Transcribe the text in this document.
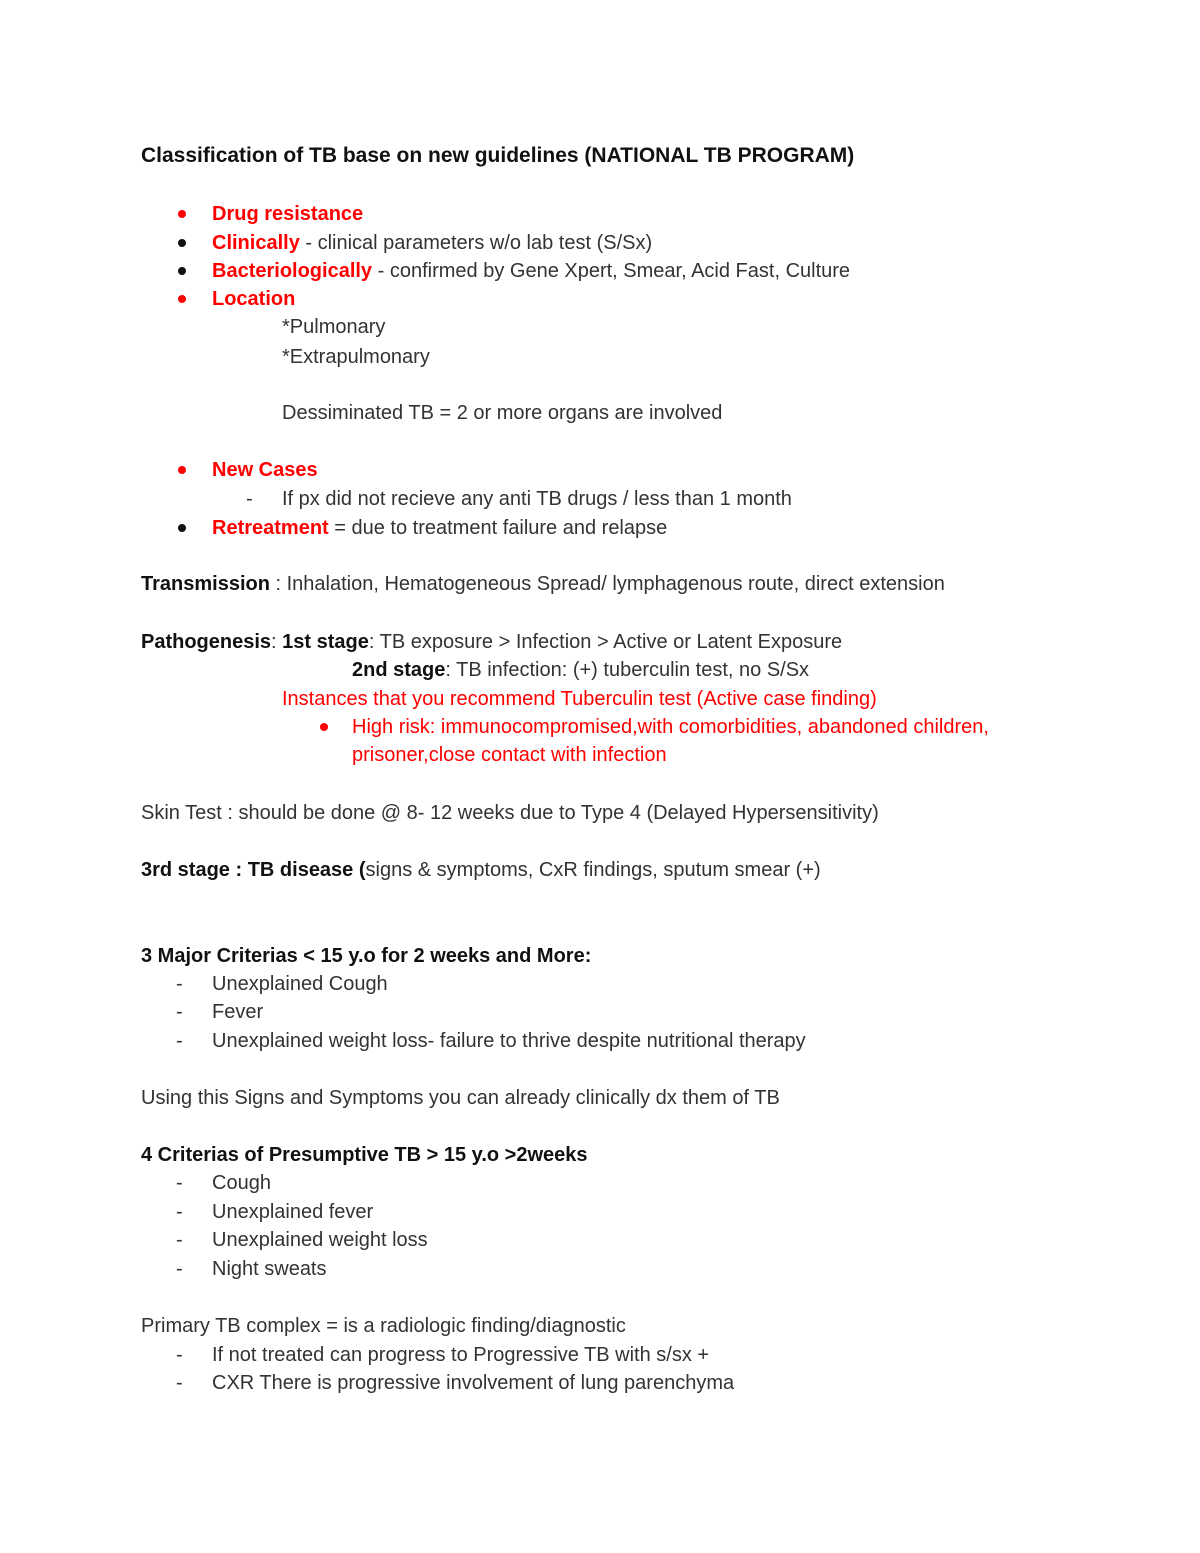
Classification of TB base on new guidelines (NATIONAL TB PROGRAM)
Drug resistance
Clinically - clinical parameters w/o lab test (S/Sx)
Bacteriologically - confirmed by Gene Xpert, Smear, Acid Fast, Culture
Location
*Pulmonary
*Extrapulmonary
Dessiminated TB = 2 or more organs are involved
New Cases
- If px did not recieve any anti TB drugs / less than 1 month
Retreatment = due to treatment failure and relapse
Transmission : Inhalation, Hematogeneous Spread/ lymphagenous route, direct extension
Pathogenesis: 1st stage: TB exposure > Infection > Active or Latent Exposure
2nd stage: TB infection: (+) tuberculin test, no S/Sx
Instances that you recommend Tuberculin test (Active case finding)
High risk: immunocompromised,with comorbidities, abandoned children,
prisoner,close contact with infection
Skin Test : should be done @ 8- 12 weeks due to Type 4 (Delayed Hypersensitivity)
3rd stage : TB disease (signs & symptoms, CxR findings, sputum smear (+)
3 Major Criterias < 15 y.o for 2 weeks and More:
- Unexplained Cough
- Fever
- Unexplained weight loss- failure to thrive despite nutritional therapy
Using this Signs and Symptoms you can already clinically dx them of TB
4 Criterias of Presumptive TB > 15 y.o >2weeks
- Cough
- Unexplained fever
- Unexplained weight loss
- Night sweats
Primary TB complex = is a radiologic finding/diagnostic
- If not treated can progress to Progressive TB with s/sx +
- CXR There is progressive involvement of lung parenchyma
